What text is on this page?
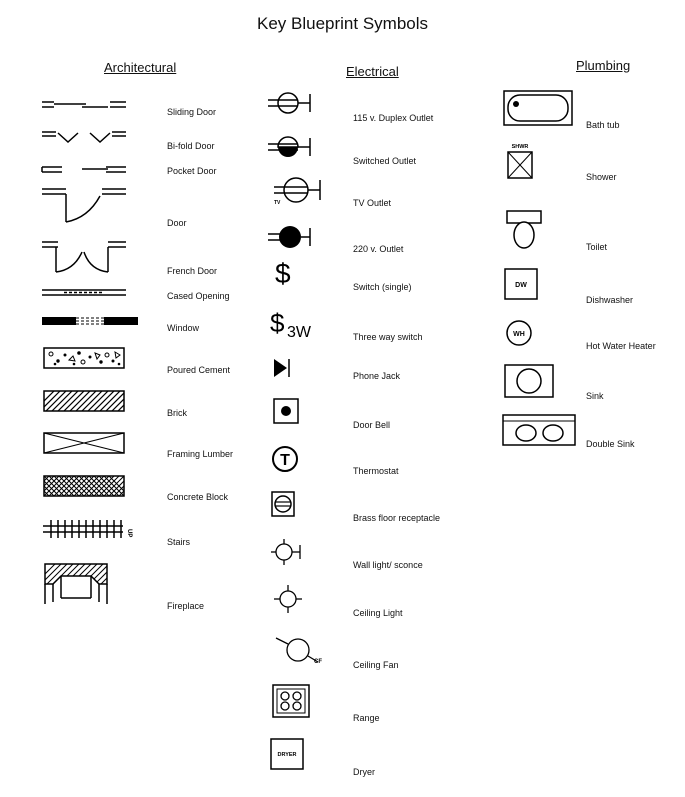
Key Blueprint Symbols
Architectural	Electrical	Plumbing
Sliding Door
Bi-fold Door
Pocket Door
Door
French Door
Cased Opening
Window
Poured Cement
Brick
Framing Lumber
Concrete Block
Stairs
UP
Fireplace
115 v. Duplex Outlet
Switched Outlet
TV Outlet
TV
220 v. Outlet
Switch (single)
$
Three way switch
$ 3W
Phone Jack
Door Bell
Thermostat
T
Brass floor receptacle
Wall light/ sconce
Ceiling Light
Ceiling Fan
CF
Range
Dryer
DRYER
Bath tub
Shower
SHWR
Toilet
Dishwasher
DW
Hot Water Heater
WH
Sink
Double Sink
